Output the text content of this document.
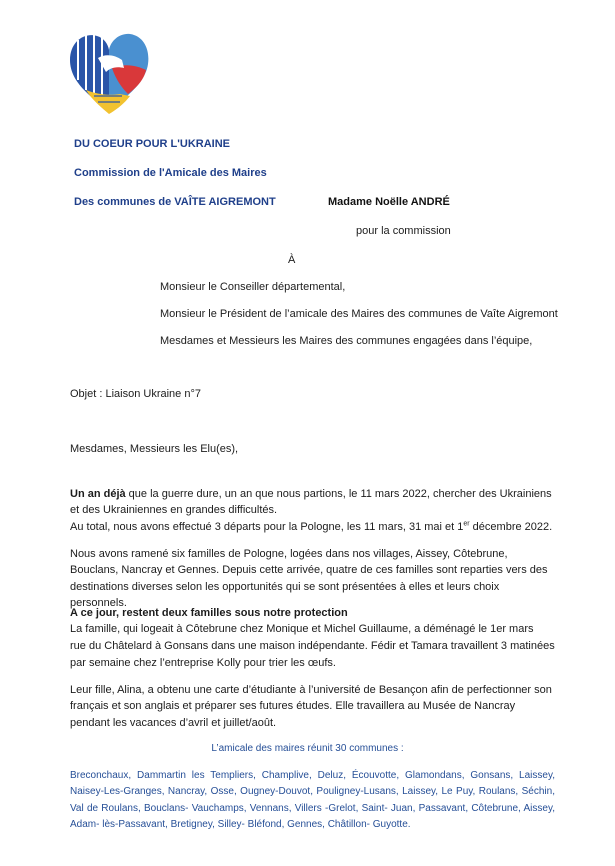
DU COEUR POUR L'UKRAINE
Commission de l'Amicale des Maires
Des communes de VAÎTE AIGREMONT	Madame Noëlle ANDRÉ
pour la commission
À
Monsieur le Conseiller départemental,
Monsieur le Président de l’amicale des Maires des communes de Vaîte Aigremont
Mesdames et Messieurs les Maires des communes engagées dans l’équipe,
Objet : Liaison Ukraine n°7
Mesdames, Messieurs les Elu(es),
Un an déjà que la guerre dure, un an que nous partions, le 11 mars 2022, chercher des Ukrainiens et des Ukrainiennes en grandes difficultés.
Au total, nous avons effectué 3 départs pour la Pologne, les 11 mars, 31 mai et 1er décembre 2022.
Nous avons ramené six familles de Pologne, logées dans nos villages, Aissey, Côtebrune, Bouclans, Nancray et Gennes. Depuis cette arrivée, quatre de ces familles sont reparties vers des destinations diverses selon les opportunités qui se sont présentées à elles et leurs choix personnels.
A ce jour, restent deux familles sous notre protection
La famille, qui logeait à Côtebrune chez Monique et Michel Guillaume, a déménagé le 1er mars
rue du Châtelard à Gonsans dans une maison indépendante. Fédir et Tamara travaillent 3 matinées
par semaine chez l’entreprise Kolly pour trier les œufs.
Leur fille, Alina, a obtenu une carte d’étudiante à l’université de Besançon afin de perfectionner son français et son anglais et préparer ses futures études. Elle travaillera au Musée de Nancray pendant les vacances d’avril et juillet/août.
L’amicale des maires réunit 30 communes :
Breconchaux, Dammartin les Templiers, Champlive, Deluz, Écouvotte, Glamondans, Gonsans, Laissey, Naisey-Les-Granges, Nancray, Osse, Ougney-Douvot, Pouligney-Lusans, Laissey, Le Puy, Roulans, Séchin, Val de Roulans, Bouclans- Vauchamps, Vennans, Villers -Grelot, Saint- Juan, Passavant, Côtebrune, Aissey, Adam- lès-Passavant, Bretigney, Silley- Bléfond, Gennes, Châtillon- Guyotte.
